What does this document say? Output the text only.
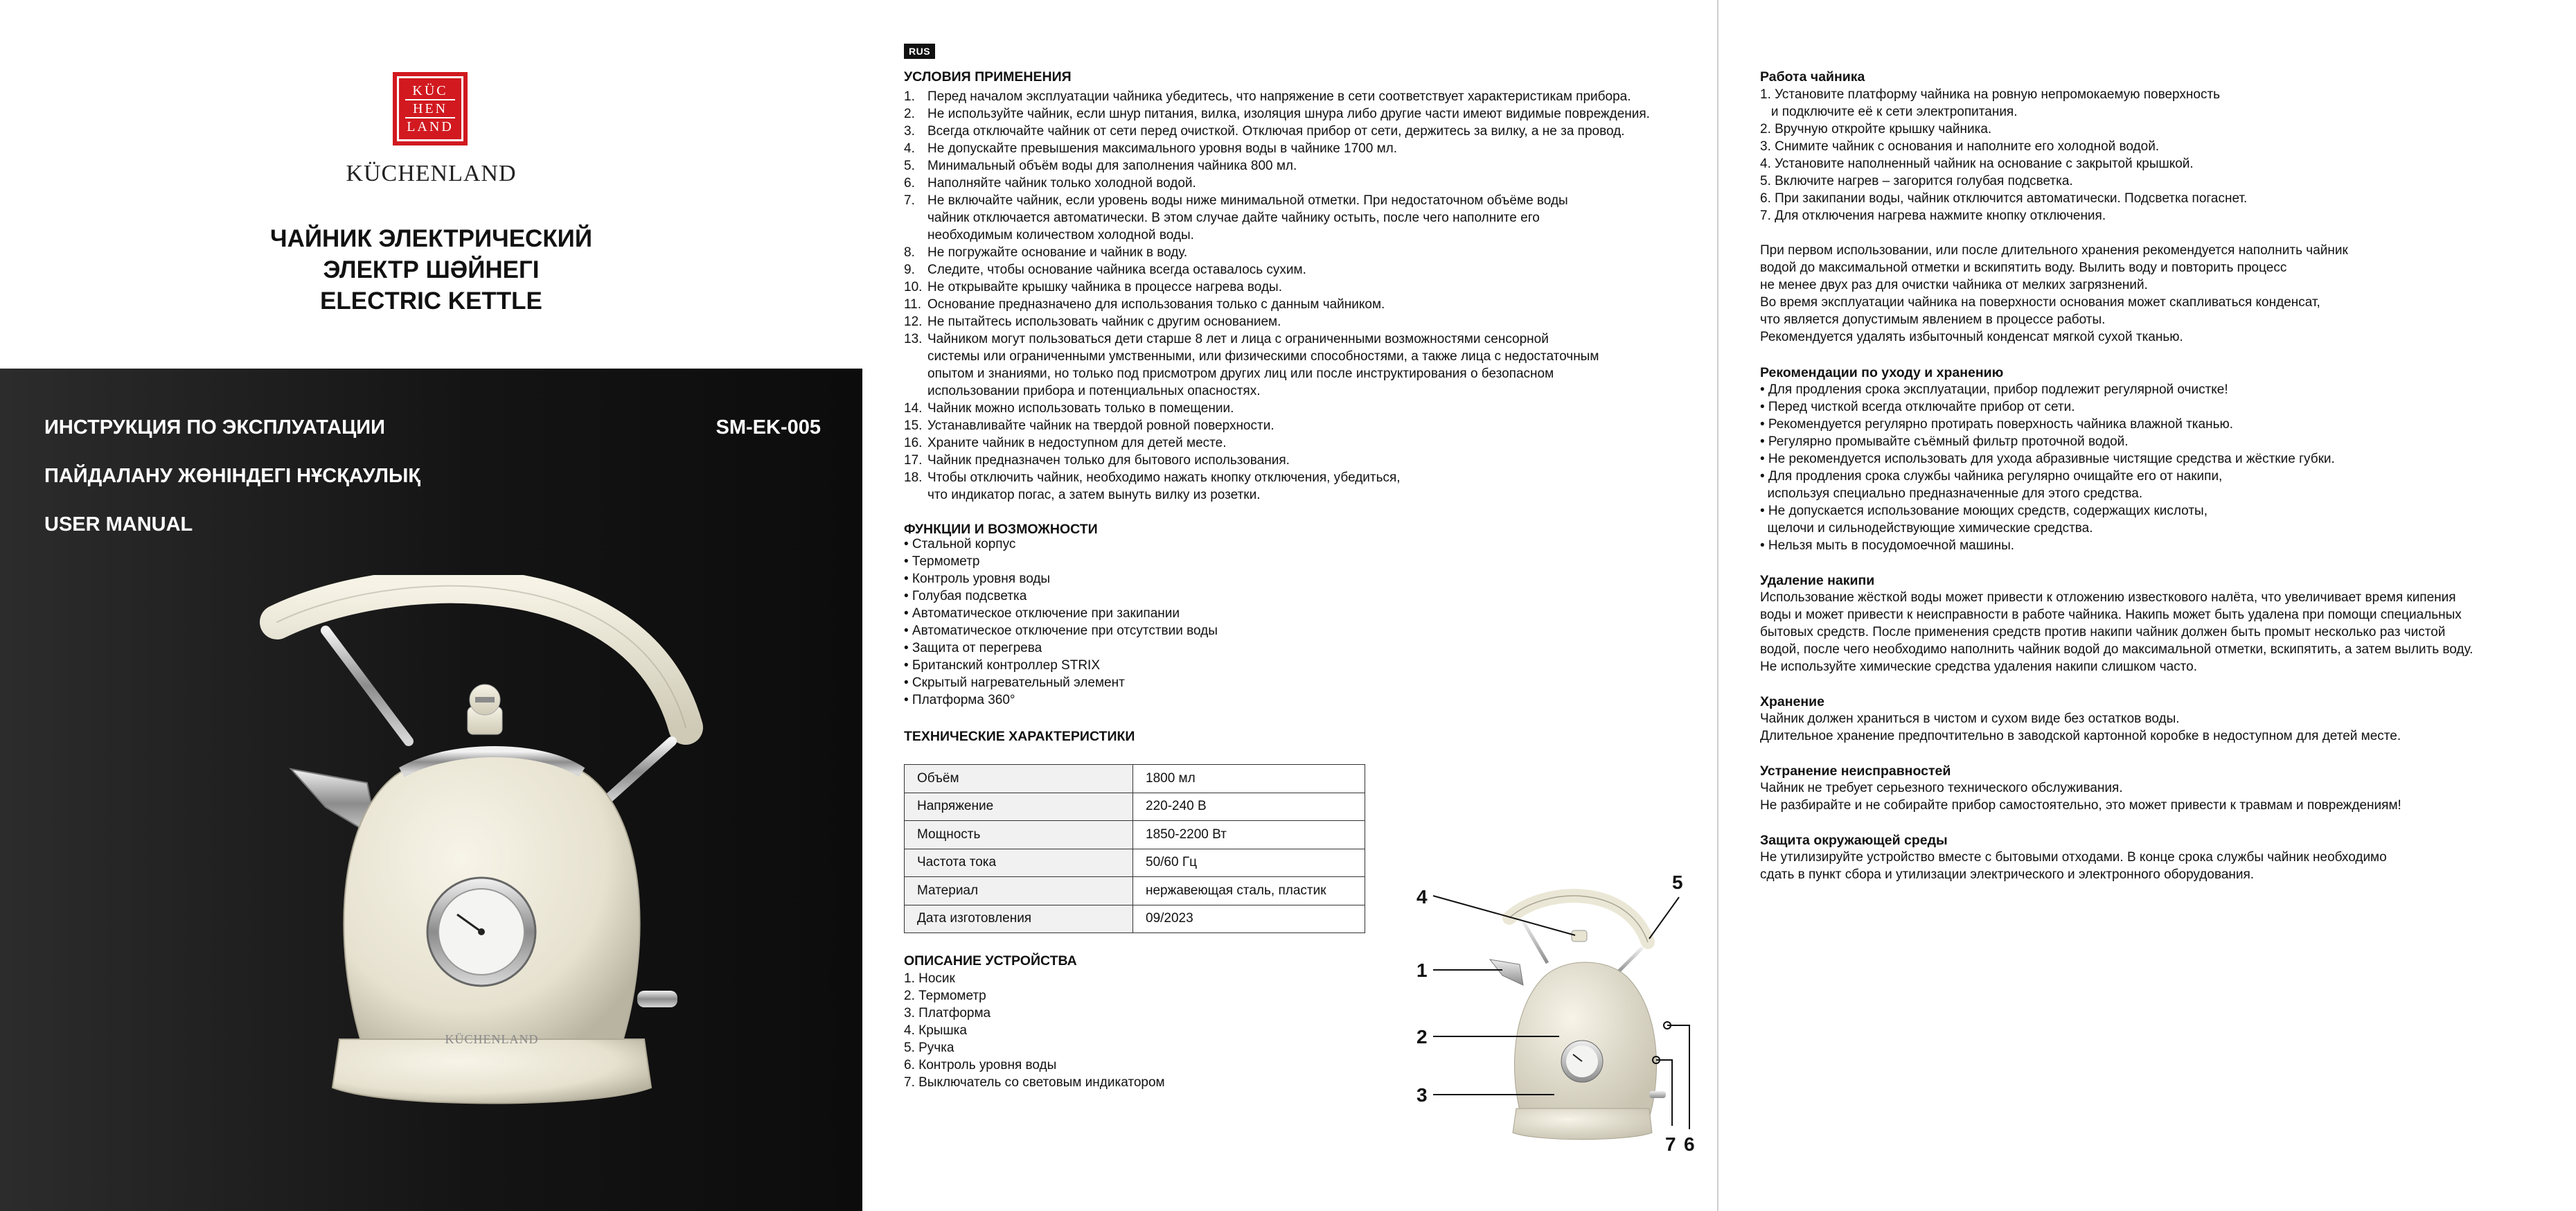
KÜC
HEN
LAND
KÜCHENLAND
ЧАЙНИК ЭЛЕКТРИЧЕСКИЙ
ЭЛЕКТР ШӘЙНЕГІ
ELECTRIC KETTLE
ИНСТРУКЦИЯ ПО ЭКСПЛУАТАЦИИ
ПАЙДАЛАНУ ЖӨНІНДЕГІ НҰСҚАУЛЫҚ
USER MANUAL
SM-EK-005
KÜCHENLAND
RUS
УСЛОВИЯ ПРИМЕНЕНИЯ
1. Перед началом эксплуатации чайника убедитесь, что напряжение в сети соответствует характеристикам прибора.
2. Не используйте чайник, если шнур питания, вилка, изоляция шнура либо другие части имеют видимые повреждения.
3. Всегда отключайте чайник от сети перед очисткой. Отключая прибор от сети, держитесь за вилку, а не за провод.
4. Не допускайте превышения максимального уровня воды в чайнике 1700 мл.
5. Минимальный объём воды для заполнения чайника 800 мл.
6. Наполняйте чайник только холодной водой.
7. Не включайте чайник, если уровень воды ниже минимальной отметки. При недостаточном объёме воды
чайник отключается автоматически. В этом случае дайте чайнику остыть, после чего наполните его
необходимым количеством холодной воды.
8. Не погружайте основание и чайник в воду.
9. Следите, чтобы основание чайника всегда оставалось сухим.
10. Не открывайте крышку чайника в процессе нагрева воды.
11. Основание предназначено для использования только с данным чайником.
12. Не пытайтесь использовать чайник с другим основанием.
13. Чайником могут пользоваться дети старше 8 лет и лица с ограниченными возможностями сенсорной
системы или ограниченными умственными, или физическими способностями, а также лица с недостаточным
опытом и знаниями, но только под присмотром других лиц или после инструктирования о безопасном
использовании прибора и потенциальных опасностях.
14. Чайник можно использовать только в помещении.
15. Устанавливайте чайник на твердой ровной поверхности.
16. Храните чайник в недоступном для детей месте.
17. Чайник предназначен только для бытового использования.
18. Чтобы отключить чайник, необходимо нажать кнопку отключения, убедиться,
что индикатор погас, а затем вынуть вилку из розетки.
ФУНКЦИИ И ВОЗМОЖНОСТИ
• Стальной корпус
• Термометр
• Контроль уровня воды
• Голубая подсветка
• Автоматическое отключение при закипании
• Автоматическое отключение при отсутствии воды
• Защита от перегрева
• Британский контроллер STRIX
• Скрытый нагревательный элемент
• Платформа 360°
ТЕХНИЧЕСКИЕ ХАРАКТЕРИСТИКИ
Объём	1800 мл
Напряжение	220-240 В
Мощность	1850-2200 Вт
Частота тока	50/60 Гц
Материал	нержавеющая сталь, пластик
Дата изготовления	09/2023
ОПИСАНИЕ УСТРОЙСТВА
1. Носик
2. Термометр
3. Платформа
4. Крышка
5. Ручка
6. Контроль уровня воды
7. Выключатель со световым индикатором
4
5
1
2
3
7 6
Работа чайника
1. Установите платформу чайника на ровную непромокаемую поверхность
и подключите её к сети электропитания.
2. Вручную откройте крышку чайника.
3. Снимите чайник с основания и наполните его холодной водой.
4. Установите наполненный чайник на основание с закрытой крышкой.
5. Включите нагрев – загорится голубая подсветка.
6. При закипании воды, чайник отключится автоматически. Подсветка погаснет.
7. Для отключения нагрева нажмите кнопку отключения.
При первом использовании, или после длительного хранения рекомендуется наполнить чайник
водой до максимальной отметки и вскипятить воду. Вылить воду и повторить процесс
не менее двух раз для очистки чайника от мелких загрязнений.
Во время эксплуатации чайника на поверхности основания может скапливаться конденсат,
что является допустимым явлением в процессе работы.
Рекомендуется удалять избыточный конденсат мягкой сухой тканью.
Рекомендации по уходу и хранению
• Для продления срока эксплуатации, прибор подлежит регулярной очистке!
• Перед чисткой всегда отключайте прибор от сети.
• Рекомендуется регулярно протирать поверхность чайника влажной тканью.
• Регулярно промывайте съёмный фильтр проточной водой.
• Не рекомендуется использовать для ухода абразивные чистящие средства и жёсткие губки.
• Для продления срока службы чайника регулярно очищайте его от накипи,
используя специально предназначенные для этого средства.
• Не допускается использование моющих средств, содержащих кислоты,
щелочи и сильнодействующие химические средства.
• Нельзя мыть в посудомоечной машины.
Удаление накипи
Использование жёсткой воды может привести к отложению известкового налёта, что увеличивает время кипения
воды и может привести к неисправности в работе чайника. Накипь может быть удалена при помощи специальных
бытовых средств. После применения средств против накипи чайник должен быть промыт несколько раз чистой
водой, после чего необходимо наполнить чайник водой до максимальной отметки, вскипятить, а затем вылить воду.
Не используйте химические средства удаления накипи слишком часто.
Хранение
Чайник должен храниться в чистом и сухом виде без остатков воды.
Длительное хранение предпочтительно в заводской картонной коробке в недоступном для детей месте.
Устранение неисправностей
Чайник не требует серьезного технического обслуживания.
Не разбирайте и не собирайте прибор самостоятельно, это может привести к травмам и повреждениям!
Защита окружающей среды
Не утилизируйте устройство вместе с бытовыми отходами. В конце срока службы чайник необходимо
сдать в пункт сбора и утилизации электрического и электронного оборудования.
